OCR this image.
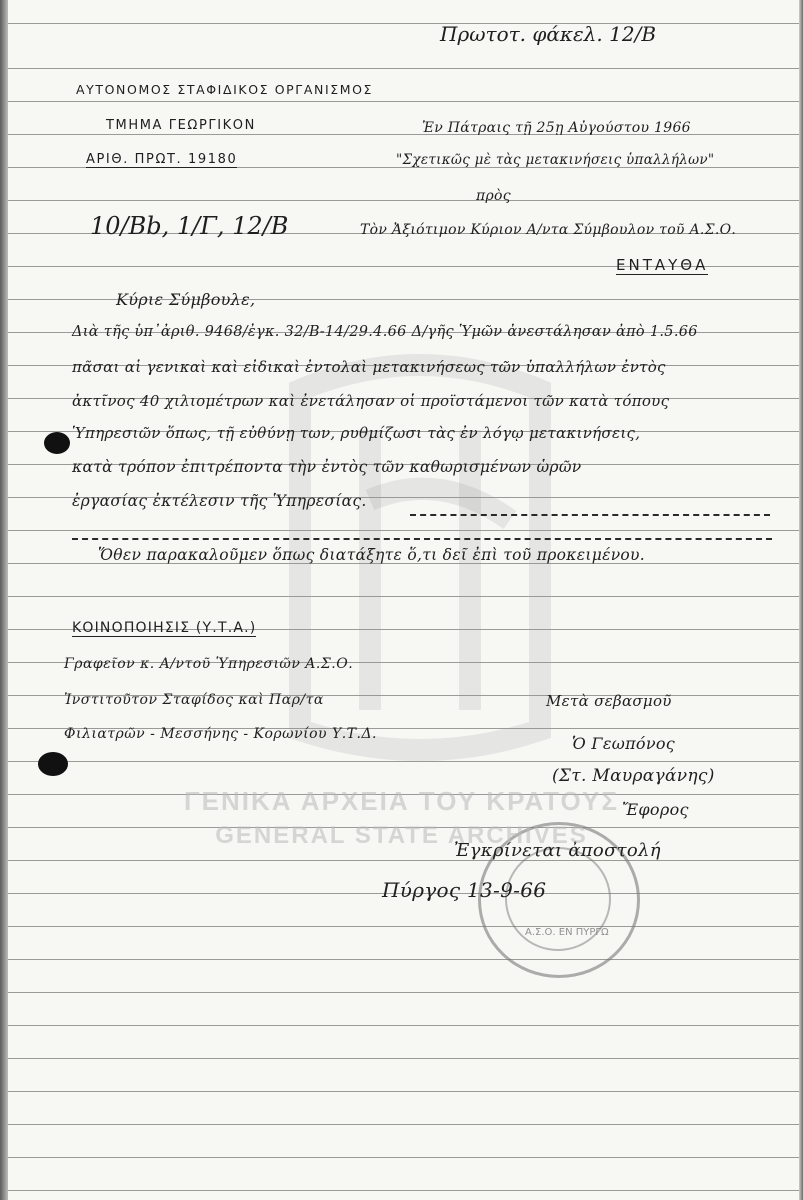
Πρωτοτ. φάκελ. 12/Β
ΑΥΤΟΝΟΜΟΣ ΣΤΑΦΙΔΙΚΟΣ ΟΡΓΑΝΙΣΜΟΣ
ΤΜΗΜΑ ΓΕΩΡΓΙΚΟΝ
ΑΡΙΘ. ΠΡΩΤ. 19180
10/Βb, 1/Γ, 12/Β
Ἐν Πάτραις τῇ 25ῃ Αὐγούστου 1966
"Σχετικῶς μὲ τὰς μετακινήσεις ὑπαλλήλων"
πρὸς
Τὸν Ἀξιότιμον Κύριον Α/ντα Σύμβουλον τοῦ Α.Σ.Ο.
ΕΝΤΑΥΘΑ
Κύριε Σύμβουλε,
Διὰ τῆς ὑπ᾽ἀριθ. 9468/ἐγκ. 32/Β-14/29.4.66 Δ/γῆς Ὑμῶν ἀνεστάλησαν ἀπὸ 1.5.66
πᾶσαι αἱ γενικαὶ καὶ εἰδικαὶ ἐντολαὶ μετακινήσεως τῶν ὑπαλλήλων ἐντὸς
ἀκτῖνος 40 χιλιομέτρων καὶ ἐνετάλησαν οἱ προϊστάμενοι τῶν κατὰ τόπους
Ὑπηρεσιῶν ὅπως, τῇ εὐθύνῃ των, ρυθμίζωσι τὰς ἐν λόγῳ μετακινήσεις,
κατὰ τρόπον ἐπιτρέποντα τὴν ἐντὸς τῶν καθωρισμένων ὡρῶν
ἐργασίας ἐκτέλεσιν τῆς Ὑπηρεσίας.
Ὅθεν παρακαλοῦμεν ὅπως διατάξητε ὅ,τι δεῖ ἐπὶ τοῦ προκειμένου.
ΚΟΙΝΟΠΟΙΗΣΙΣ (Υ.Τ.Α.)
Γραφεῖον κ. Α/ντοῦ Ὑπηρεσιῶν Α.Σ.Ο.
Ἰνστιτοῦτον Σταφίδος καὶ Παρ/τα
Φιλιατρῶν - Μεσσήνης - Κορωνίου Υ.Τ.Δ.
Μετὰ σεβασμοῦ
Ὁ Γεωπόνος
(Στ. Μαυραγάνης)
Ἔφορος
Α.Σ.Ο. ΕΝ ΠΥΡΓΩ
Ἐγκρίνεται ἀποστολή
Πύργος 13-9-66
ΓΕΝΙΚΑ ΑΡΧΕΙΑ ΤΟΥ ΚΡΑΤΟΥΣ
GENERAL STATE ARCHIVES
